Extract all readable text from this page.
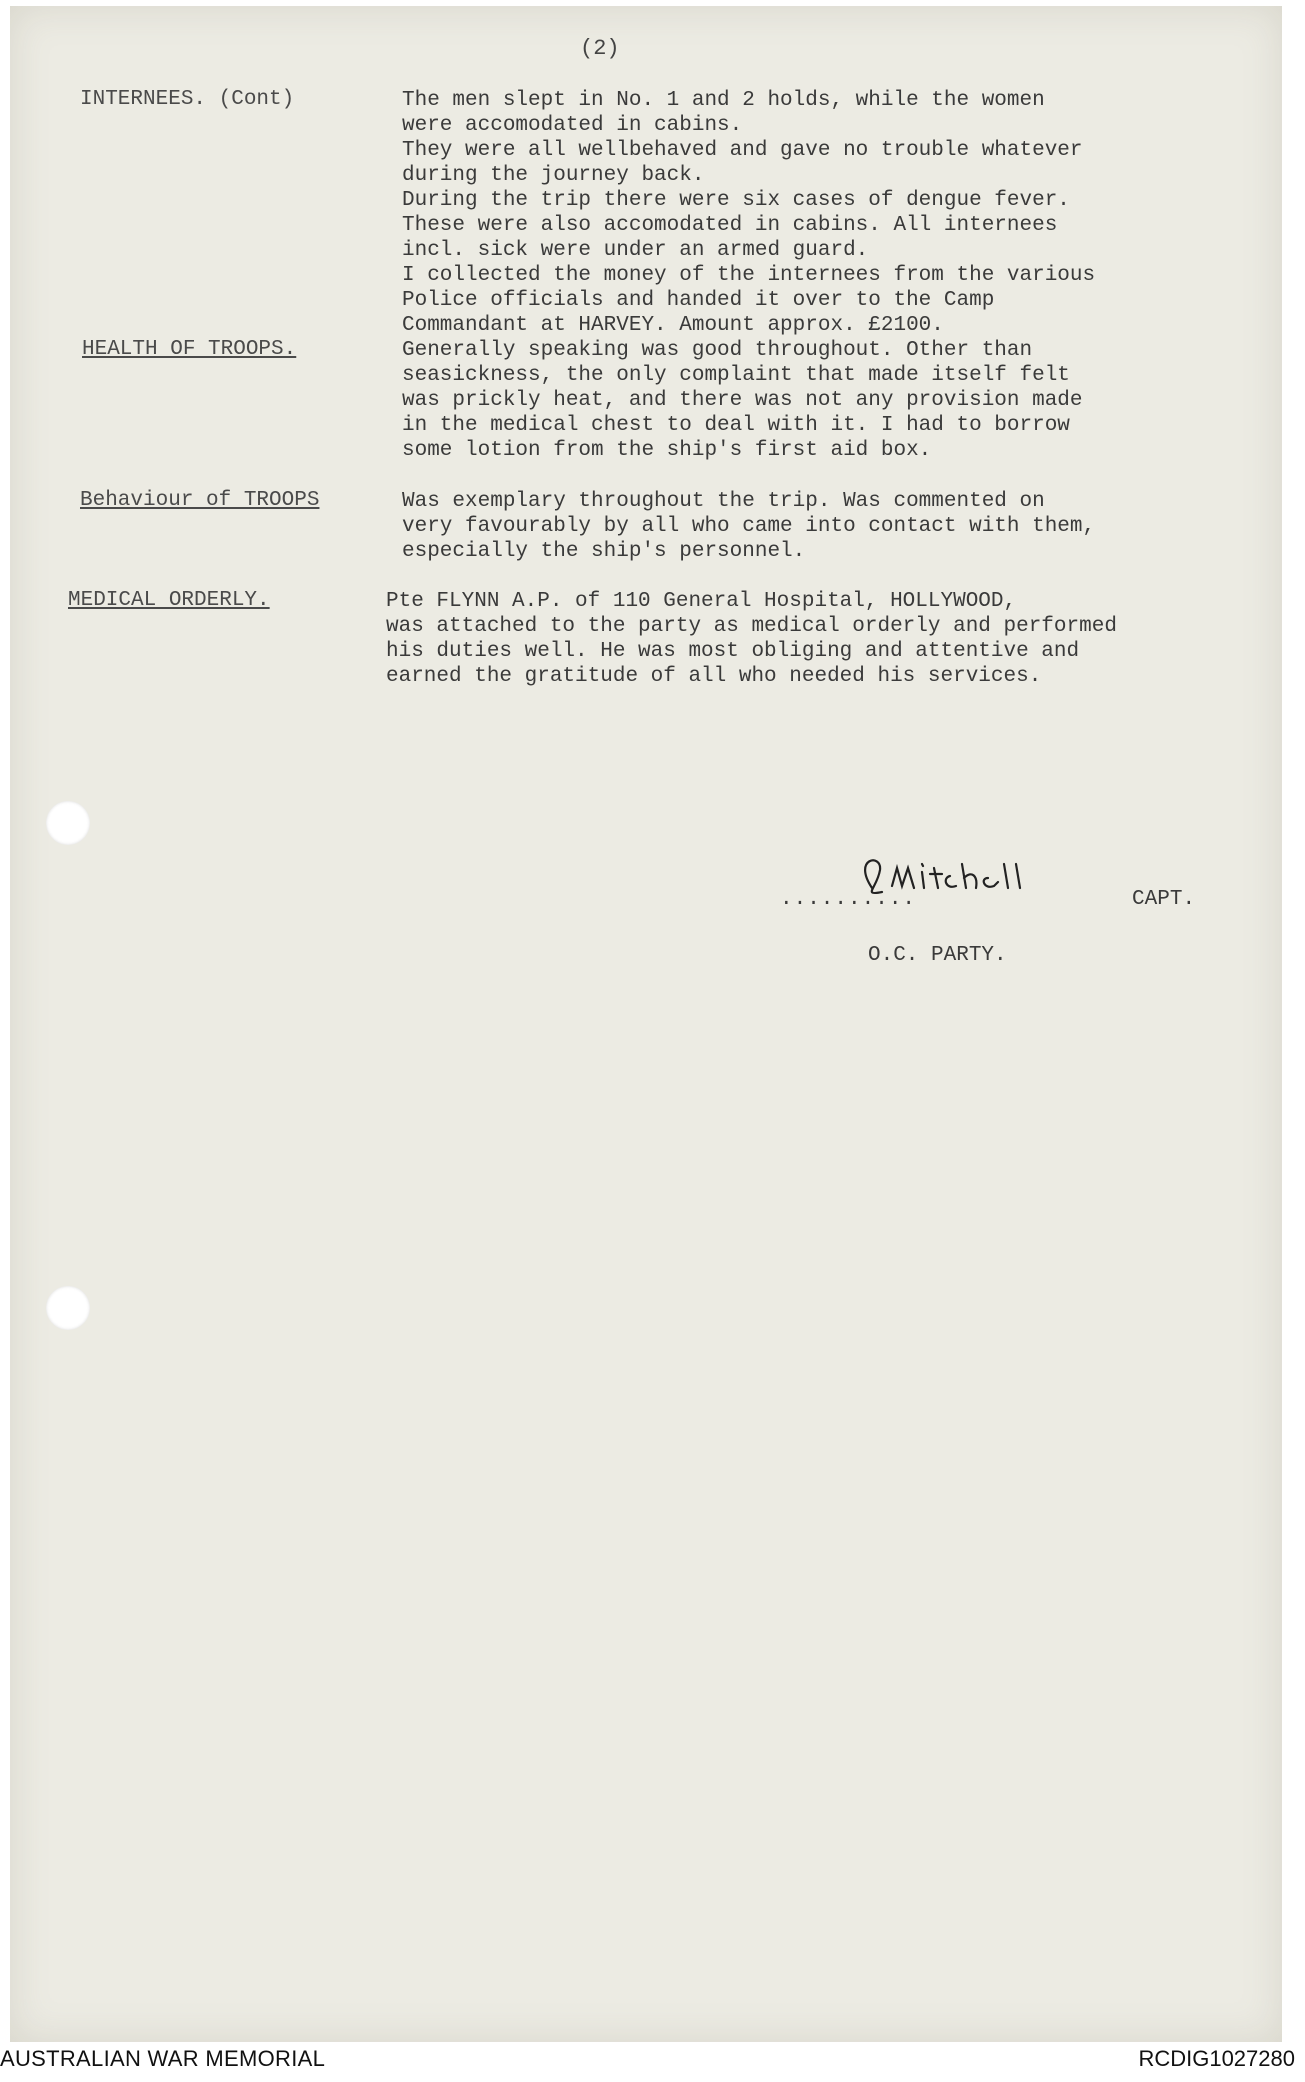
(2)
INTERNEES. (Cont)	The men slept in No. 1 and 2 holds, while the women
were accomodated in cabins.
They were all wellbehaved and gave no trouble whatever
during the journey back.
During the trip there were six cases of dengue fever.
These were also accomodated in cabins. All internees
incl. sick were under an armed guard.
I collected the money of the internees from the various
Police officials and handed it over to the Camp
Commandant at HARVEY. Amount approx. £2100.
HEALTH OF TROOPS.	Generally speaking was good throughout. Other than
seasickness, the only complaint that made itself felt
was prickly heat, and there was not any provision made
in the medical chest to deal with it. I had to borrow
some lotion from the ship's first aid box.
Behaviour of TROOPS	Was exemplary throughout the trip. Was commented on
very favourably by all who came into contact with them,
especially the ship's personnel.
MEDICAL ORDERLY.	Pte FLYNN A.P. of 110 General Hospital, HOLLYWOOD,
was attached to the party as medical orderly and performed
his duties well. He was most obliging and attentive and
earned the gratitude of all who needed his services.
..........	CAPT.
O.C. PARTY.
AUSTRALIAN WAR MEMORIAL	RCDIG1027280
